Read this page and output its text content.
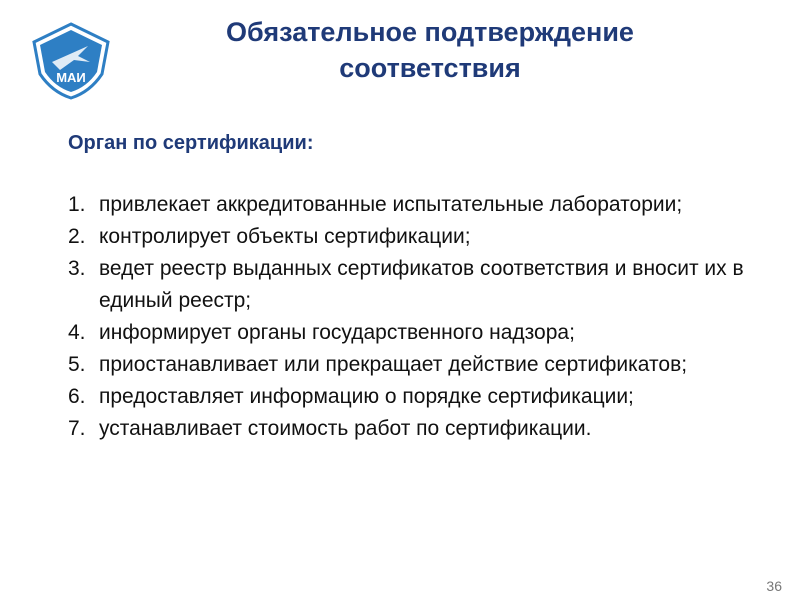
МАИ
Обязательное подтверждение
соответствия
Орган по сертификации:
1. привлекает аккредитованные испытательные лаборатории;
2. контролирует объекты сертификации;
3. ведет реестр выданных сертификатов соответствия и вносит их в единый реестр;
4. информирует органы государственного надзора;
5. приостанавливает или прекращает действие сертификатов;
6. предоставляет информацию о порядке сертификации;
7. устанавливает стоимость работ по сертификации.
36
